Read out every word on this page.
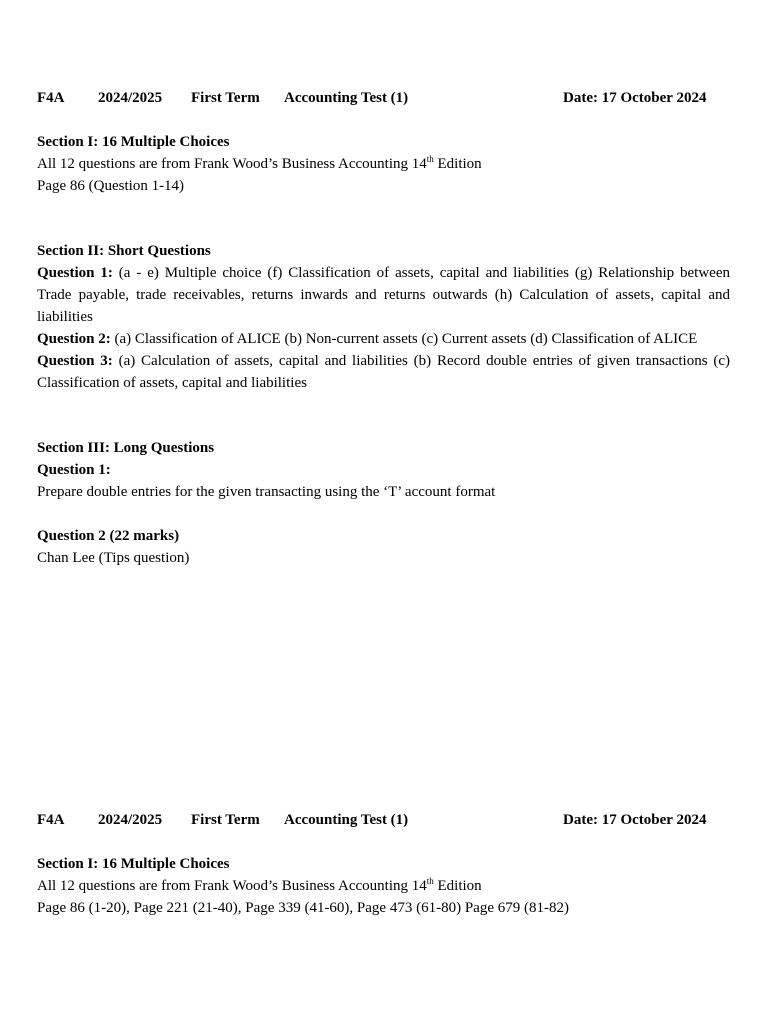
F4A 2024/2025 First Term Accounting Test (1)	Date: 17 October 2024
Section I: 16 Multiple Choices
All 12 questions are from Frank Wood’s Business Accounting 14th Edition
Page 86 (Question 1-14)
Section II: Short Questions
Question 1: (a - e) Multiple choice (f) Classification of assets, capital and liabilities (g) Relationship between Trade payable, trade receivables, returns inwards and returns outwards (h) Calculation of assets, capital and liabilities
Question 2: (a) Classification of ALICE (b) Non-current assets (c) Current assets (d) Classification of ALICE
Question 3: (a) Calculation of assets, capital and liabilities (b) Record double entries of given transactions (c) Classification of assets, capital and liabilities
Section III: Long Questions
Question 1:
Prepare double entries for the given transacting using the ‘T’ account format
Question 2 (22 marks)
Chan Lee (Tips question)
F4A 2024/2025 First Term Accounting Test (1)	Date: 17 October 2024
Section I: 16 Multiple Choices
All 12 questions are from Frank Wood’s Business Accounting 14th Edition
Page 86 (1-20), Page 221 (21-40), Page 339 (41-60), Page 473 (61-80) Page 679 (81-82)
